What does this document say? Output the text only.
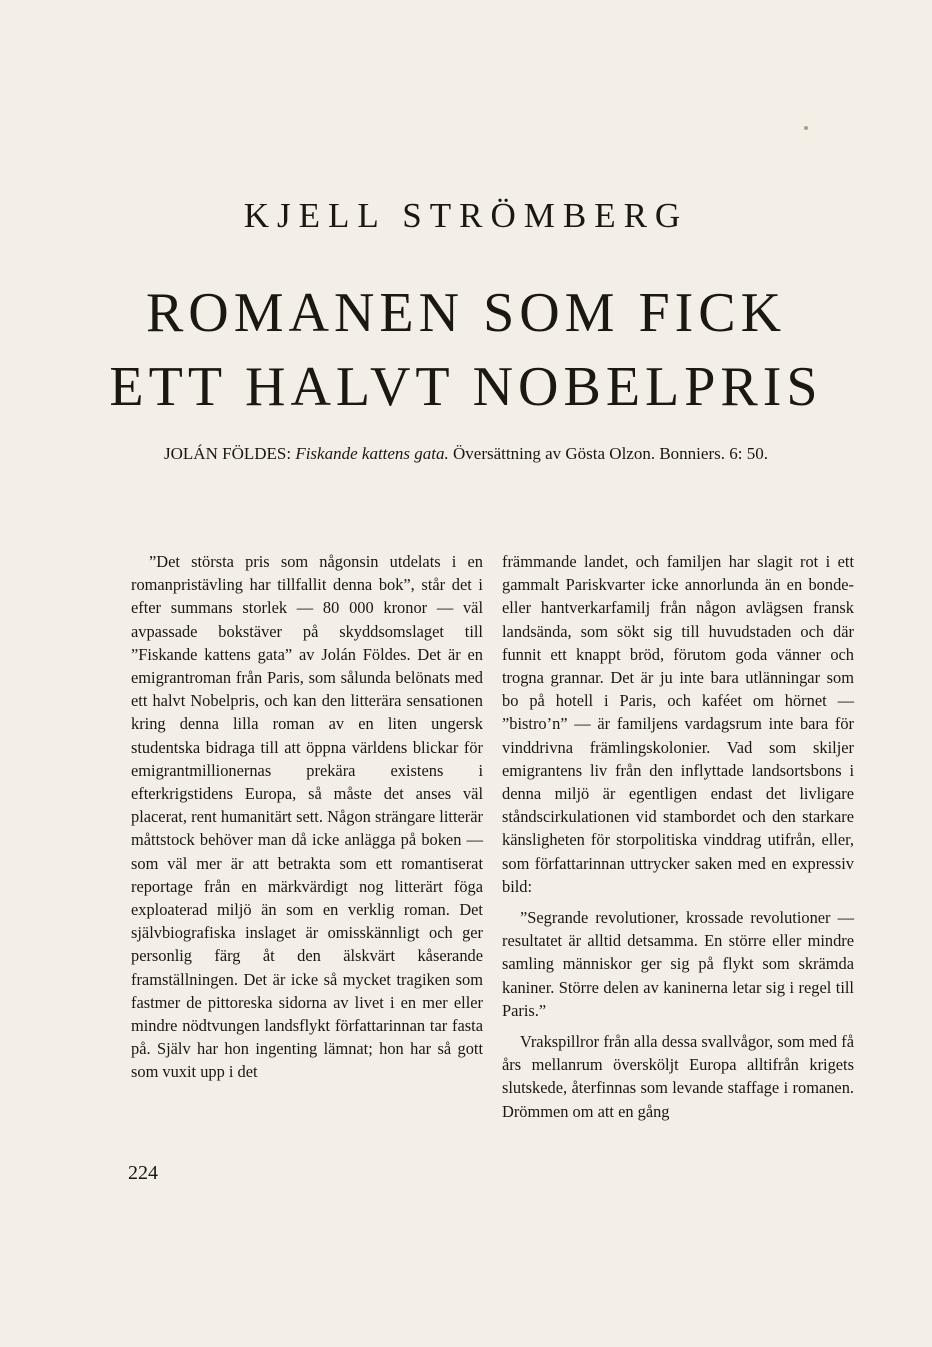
KJELL STRÖMBERG
ROMANEN SOM FICK
ETT HALVT NOBELPRIS
JOLÁN FÖLDES: Fiskande kattens gata. Översättning av Gösta Olzon. Bonniers. 6: 50.

”Det största pris som någonsin utdelats i en romanpristävling har tillfallit denna bok”, står det i efter summans storlek — 80 000 kronor — väl avpassade bokstäver på skyddsomslaget till ”Fiskande kattens gata” av Jolán Földes. Det är en emigrantroman från Paris, som sålunda belönats med ett halvt Nobelpris, och kan den litterära sensationen kring denna lilla roman av en liten ungersk studentska bidraga till att öppna världens blickar för emigrantmillionernas prekära existens i efterkrigstidens Europa, så måste det anses väl placerat, rent humanitärt sett. Någon strängare litterär måttstock behöver man då icke anlägga på boken — som väl mer är att betrakta som ett romantiserat reportage från en märkvärdigt nog litterärt föga exploaterad miljö än som en verklig roman. Det självbiografiska inslaget är omisskännligt och ger personlig färg åt den älskvärt kåserande framställningen. Det är icke så mycket tragiken som fastmer de pittoreska sidorna av livet i en mer eller mindre nödtvungen landsflykt författarinnan tar fasta på. Själv har hon ingenting lämnat; hon har så gott som vuxit upp i det

främmande landet, och familjen har slagit rot i ett gammalt Pariskvarter icke annorlunda än en bonde- eller hantverkarfamilj från någon avlägsen fransk landsända, som sökt sig till huvudstaden och där funnit ett knappt bröd, förutom goda vänner och trogna grannar. Det är ju inte bara utlänningar som bo på hotell i Paris, och kaféet om hörnet — ”bistro’n” — är familjens vardagsrum inte bara för vinddrivna främlingskolonier. Vad som skiljer emigrantens liv från den inflyttade landsortsbons i denna miljö är egentligen endast det livligare ståndscirkulationen vid stambordet och den starkare känsligheten för storpolitiska vinddrag utifrån, eller, som författarinnan uttrycker saken med en expressiv bild:

”Segrande revolutioner, krossade revolutioner — resultatet är alltid detsamma. En större eller mindre samling människor ger sig på flykt som skrämda kaniner. Större delen av kaninerna letar sig i regel till Paris.”

Vrakspillror från alla dessa svallvågor, som med få års mellanrum översköljt Europa alltifrån krigets slutskede, återfinnas som levande staffage i romanen. Drömmen om att en gång

224
